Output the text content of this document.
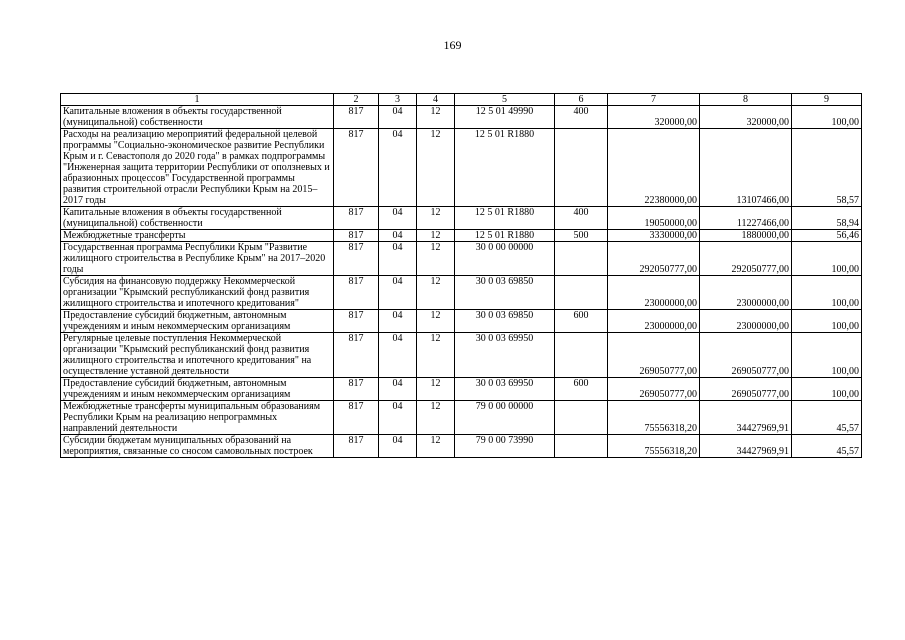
169
1	2	3	4	5	6	7	8	9
Капитальные вложения в объекты государственной (муниципальной) собственности	817	04	12	12 5 01 49990	400	320000,00	320000,00	100,00
Расходы на реализацию мероприятий федеральной целевой программы "Социально-экономическое развитие Республики Крым и г. Севастополя до 2020 года" в рамках подпрограммы "Инженерная защита территории Республики от оползневых и абразионных процессов" Государственной программы развития строительной отрасли Республики Крым на 2015–2017 годы	817	04	12	12 5 01 R1880		22380000,00	13107466,00	58,57
Капитальные вложения в объекты государственной (муниципальной) собственности	817	04	12	12 5 01 R1880	400	19050000,00	11227466,00	58,94
Межбюджетные трансферты	817	04	12	12 5 01 R1880	500	3330000,00	1880000,00	56,46
Государственная программа Республики Крым "Развитие жилищного строительства в Республике Крым" на 2017–2020 годы	817	04	12	30 0 00 00000		292050777,00	292050777,00	100,00
Субсидия на финансовую поддержку Некоммерческой организации "Крымский республиканский фонд развития жилищного строительства и ипотечного кредитования"	817	04	12	30 0 03 69850		23000000,00	23000000,00	100,00
Предоставление субсидий бюджетным, автономным учреждениям и иным некоммерческим организациям	817	04	12	30 0 03 69850	600	23000000,00	23000000,00	100,00
Регулярные целевые поступления Некоммерческой организации "Крымский республиканский фонд развития жилищного строительства и ипотечного кредитования" на осуществление уставной деятельности	817	04	12	30 0 03 69950		269050777,00	269050777,00	100,00
Предоставление субсидий бюджетным, автономным учреждениям и иным некоммерческим организациям	817	04	12	30 0 03 69950	600	269050777,00	269050777,00	100,00
Межбюджетные трансферты муниципальным образованиям Республики Крым на реализацию непрограммных направлений деятельности	817	04	12	79 0 00 00000		75556318,20	34427969,91	45,57
Субсидии бюджетам муниципальных образований на мероприятия, связанные со сносом самовольных построек	817	04	12	79 0 00 73990		75556318,20	34427969,91	45,57
